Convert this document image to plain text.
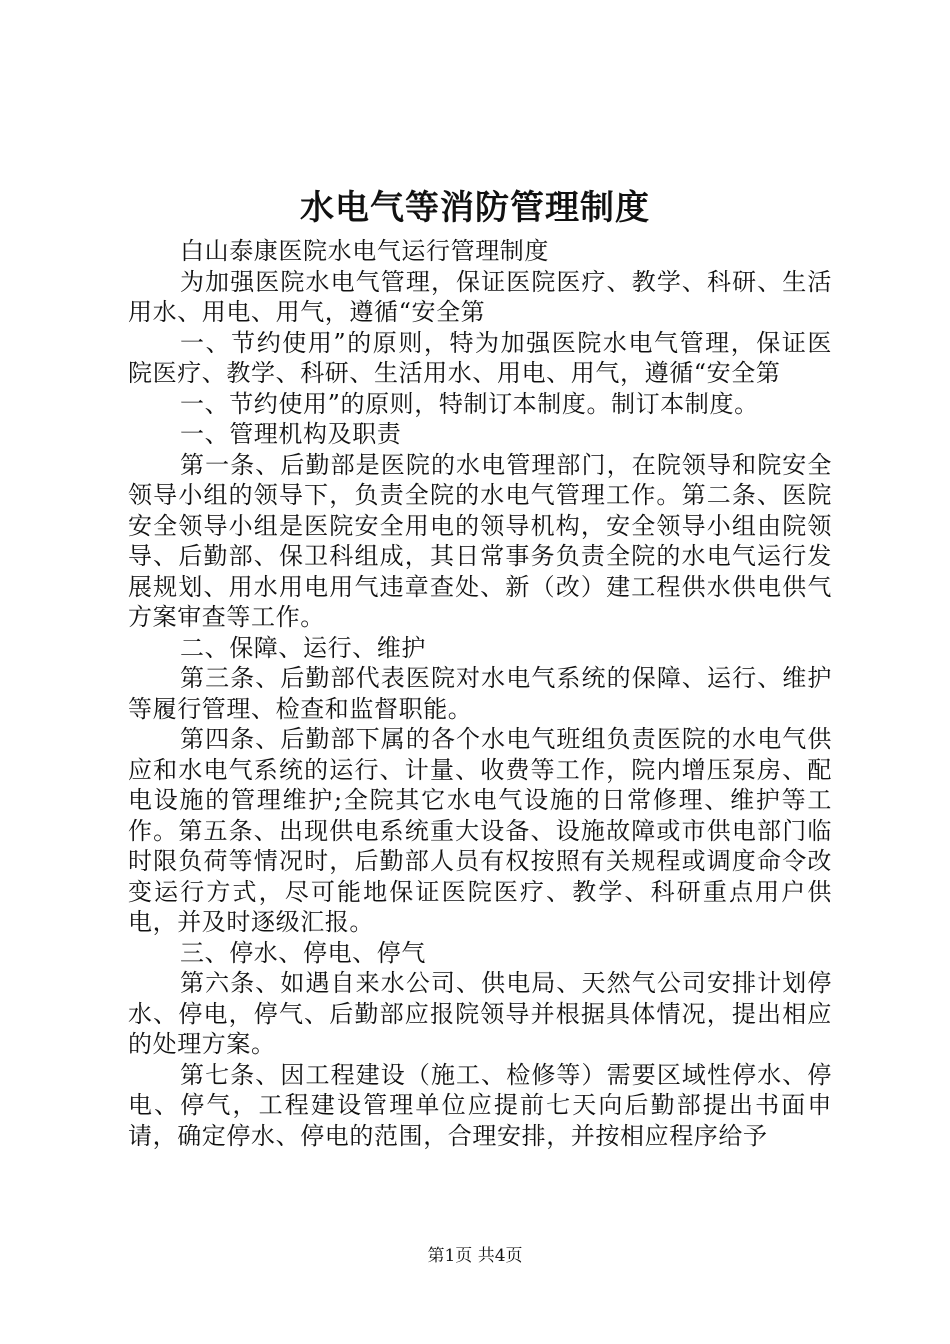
水电气等消防管理制度

白山泰康医院水电气运行管理制度

为加强医院水电气管理，保证医院医疗、教学、科研、生活用水、用电、用气，遵循“安全第

一、节约使用”的原则，特为加强医院水电气管理，保证医院医疗、教学、科研、生活用水、用电、用气，遵循“安全第

一、节约使用”的原则，特制订本制度。制订本制度。

一、管理机构及职责

第一条、后勤部是医院的水电管理部门，在院领导和院安全领导小组的领导下，负责全院的水电气管理工作。第二条、医院安全领导小组是医院安全用电的领导机构，安全领导小组由院领导、后勤部、保卫科组成，其日常事务负责全院的水电气运行发展规划、用水用电用气违章查处、新（改）建工程供水供电供气方案审查等工作。

二、保障、运行、维护

第三条、后勤部代表医院对水电气系统的保障、运行、维护等履行管理、检查和监督职能。

第四条、后勤部下属的各个水电气班组负责医院的水电气供应和水电气系统的运行、计量、收费等工作，院内增压泵房、配电设施的管理维护;全院其它水电气设施的日常修理、维护等工作。第五条、出现供电系统重大设备、设施故障或市供电部门临时限负荷等情况时，后勤部人员有权按照有关规程或调度命令改变运行方式，尽可能地保证医院医疗、教学、科研重点用户供电，并及时逐级汇报。

三、停水、停电、停气

第六条、如遇自来水公司、供电局、天然气公司安排计划停水、停电，停气、后勤部应报院领导并根据具体情况，提出相应的处理方案。

第七条、因工程建设（施工、检修等）需要区域性停水、停电、停气，工程建设管理单位应提前七天向后勤部提出书面申请，确定停水、停电的范围，合理安排，并按相应程序给予

第1页 共4页
